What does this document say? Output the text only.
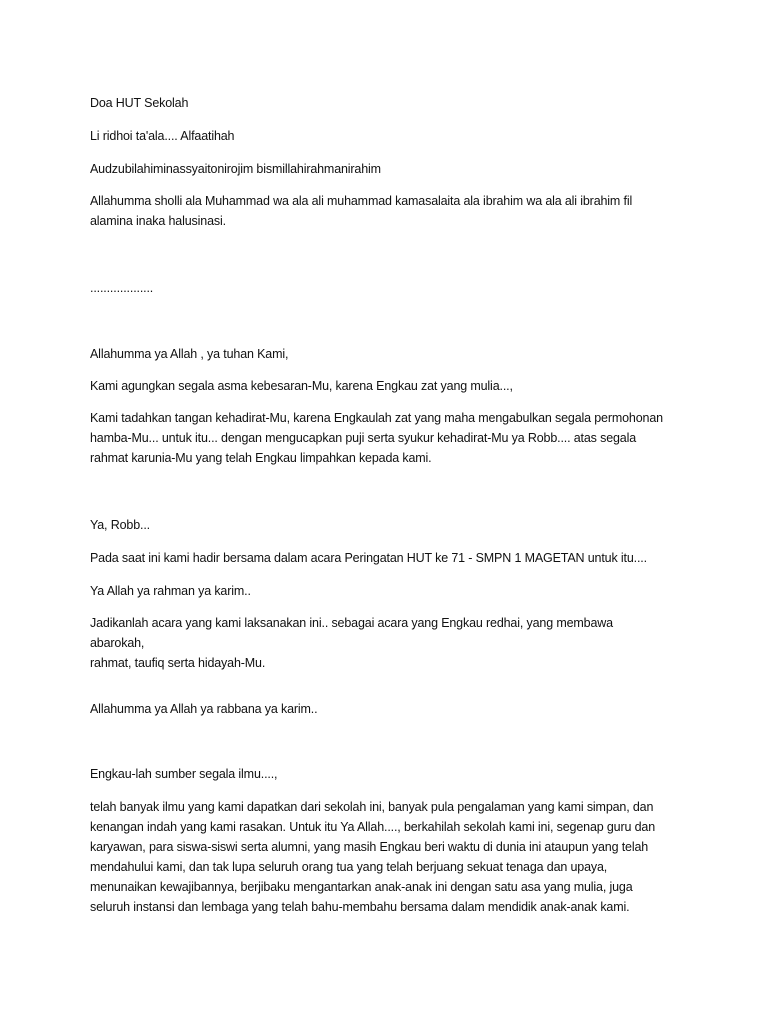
Doa HUT Sekolah
Li ridhoi ta'ala.... Alfaatihah
Audzubilahiminassyaitonirojim bismillahirahmanirahim
Allahumma sholli ala Muhammad wa ala ali muhammad kamasalaita ala ibrahim wa ala ali ibrahim fil
alamina inaka halusinasi.
...................
Allahumma ya Allah , ya tuhan Kami,
Kami agungkan segala asma kebesaran-Mu, karena Engkau zat yang mulia...,
Kami tadahkan tangan kehadirat-Mu, karena Engkaulah zat yang maha mengabulkan segala permohonan
hamba-Mu... untuk itu... dengan mengucapkan puji serta syukur kehadirat-Mu ya Robb.... atas segala
rahmat karunia-Mu yang telah Engkau limpahkan kepada kami.
Ya, Robb...
Pada saat ini kami hadir bersama dalam acara Peringatan HUT ke 71 - SMPN 1 MAGETAN untuk itu....
Ya Allah ya rahman ya karim..
Jadikanlah acara yang kami laksanakan ini.. sebagai acara yang Engkau redhai, yang membawa abarokah,
rahmat, taufiq serta hidayah-Mu.
Allahumma ya Allah ya rabbana ya karim..
Engkau-lah sumber segala ilmu....,
telah banyak ilmu yang kami dapatkan dari sekolah ini, banyak pula pengalaman yang kami simpan, dan
kenangan indah yang kami rasakan. Untuk itu Ya Allah...., berkahilah sekolah kami ini, segenap guru dan
karyawan, para siswa-siswi serta alumni, yang masih Engkau beri waktu di dunia ini ataupun yang telah
mendahului kami, dan tak lupa seluruh orang tua yang telah berjuang sekuat tenaga dan upaya,
menunaikan kewajibannya, berjibaku mengantarkan anak-anak ini dengan satu asa yang mulia, juga
seluruh instansi dan lembaga yang telah bahu-membahu bersama dalam mendidik anak-anak kami.
